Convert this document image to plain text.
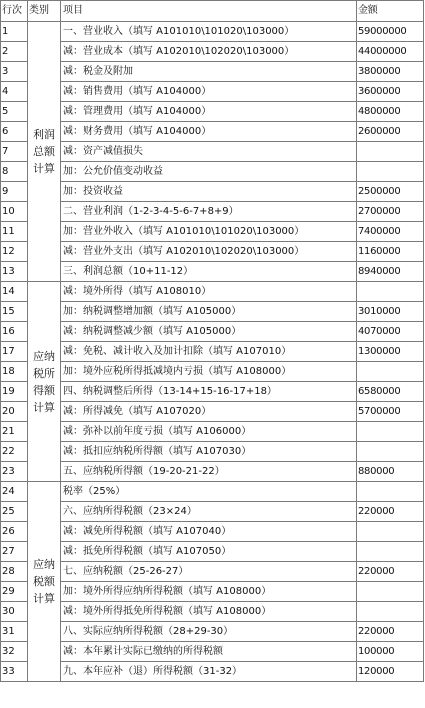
行次	类别	项目	金额
1	利润总额计算	一、营业收入（填写 A101010\101020\103000）	59000000
2		减：营业成本（填写 A102010\102020\103000）	44000000
3		减：税金及附加	3800000
4		减：销售费用（填写 A104000）	3600000
5		减：管理费用（填写 A104000）	4800000
6		减：财务费用（填写 A104000）	2600000
7		减：资产减值损失	
8		加：公允价值变动收益	
9		加：投资收益	2500000
10		二、营业利润（1-2-3-4-5-6-7+8+9）	2700000
11		加：营业外收入（填写 A101010\101020\103000）	7400000
12		减：营业外支出（填写 A102010\102020\103000）	1160000
13		三、利润总额（10+11-12）	8940000
14	应纳税所得额计算	减：境外所得（填写 A108010）	
15		加：纳税调整增加额（填写 A105000）	3010000
16		减：纳税调整减少额（填写 A105000）	4070000
17		减：免税、减计收入及加计扣除（填写 A107010）	1300000
18		加：境外应税所得抵减境内亏损（填写 A108000）	
19		四、纳税调整后所得（13-14+15-16-17+18）	6580000
20		减：所得减免（填写 A107020）	5700000
21		减：弥补以前年度亏损（填写 A106000）	
22		减：抵扣应纳税所得额（填写 A107030）	
23		五、应纳税所得额（19-20-21-22）	880000
24	应纳税额计算	税率（25%）	
25		六、应纳所得税额（23×24）	220000
26		减：减免所得税额（填写 A107040）	
27		减：抵免所得税额（填写 A107050）	
28		七、应纳税额（25-26-27）	220000
29		加：境外所得应纳所得税额（填写 A108000）	
30		减：境外所得抵免所得税额（填写 A108000）	
31		八、实际应纳所得税额（28+29-30）	220000
32		减：本年累计实际已缴纳的所得税额	100000
33		九、本年应补（退）所得税额（31-32）	120000
